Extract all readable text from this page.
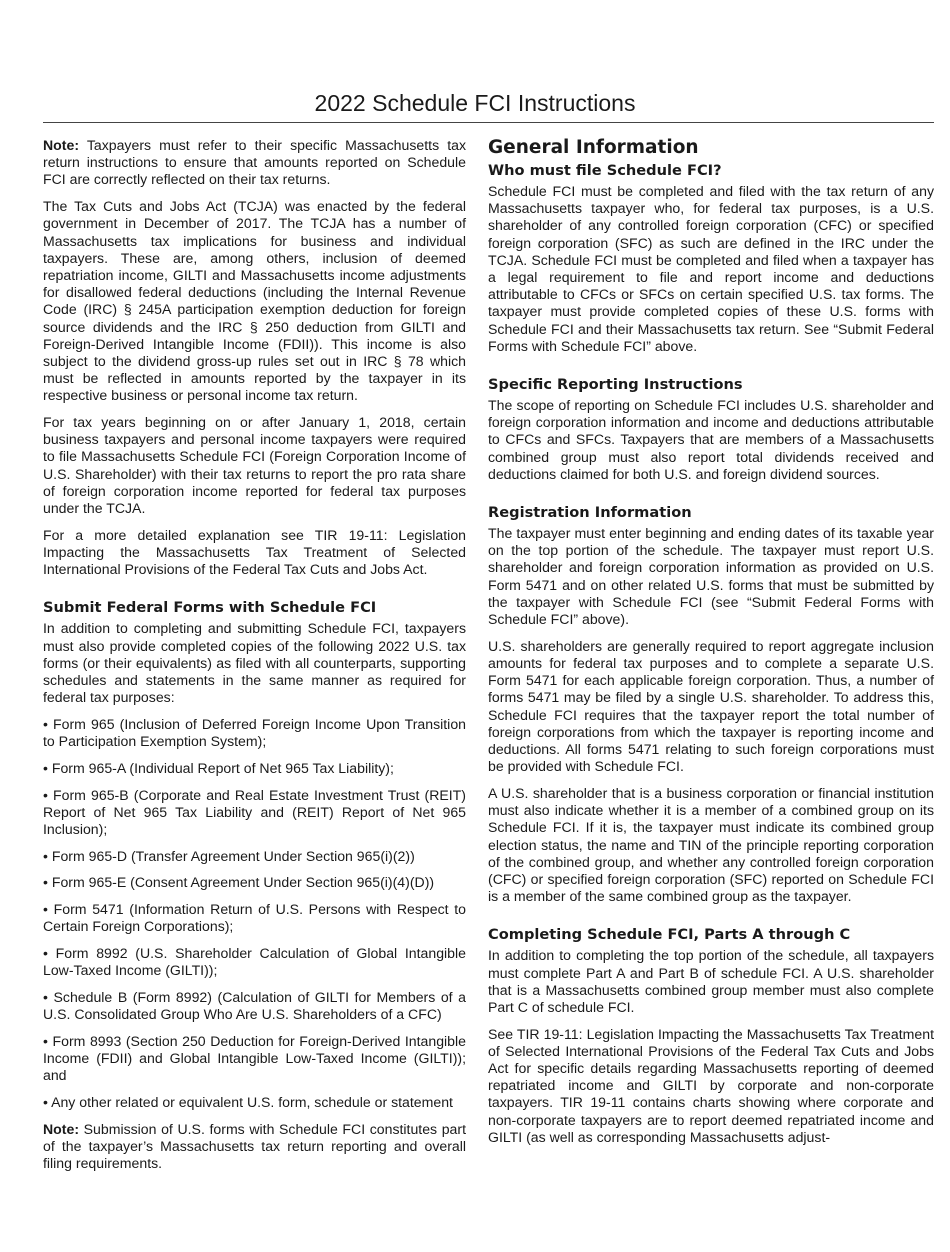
2022 Schedule FCI Instructions

Note: Taxpayers must refer to their specific Massachusetts tax return instructions to ensure that amounts reported on Schedule FCI are correctly reflected on their tax returns.

The Tax Cuts and Jobs Act (TCJA) was enacted by the federal government in December of 2017. The TCJA has a number of Massachusetts tax implications for business and individual taxpayers. These are, among others, inclusion of deemed repatriation income, GILTI and Massachusetts income adjustments for disallowed federal deductions (including the Internal Revenue Code (IRC) § 245A participation exemption deduction for foreign source dividends and the IRC § 250 deduction from GILTI and Foreign-Derived Intangible Income (FDII)). This income is also subject to the dividend gross-up rules set out in IRC § 78 which must be reflected in amounts reported by the taxpayer in its respective business or personal income tax return.

For tax years beginning on or after January 1, 2018, certain business taxpayers and personal income taxpayers were required to file Massachusetts Schedule FCI (Foreign Corporation Income of U.S. Shareholder) with their tax returns to report the pro rata share of foreign corporation income reported for federal tax purposes under the TCJA.

For a more detailed explanation see TIR 19-11: Legislation Impacting the Massachusetts Tax Treatment of Selected International Provisions of the Federal Tax Cuts and Jobs Act.

Submit Federal Forms with Schedule FCI

In addition to completing and submitting Schedule FCI, taxpayers must also provide completed copies of the following 2022 U.S. tax forms (or their equivalents) as filed with all counterparts, supporting schedules and statements in the same manner as required for federal tax purposes:

• Form 965 (Inclusion of Deferred Foreign Income Upon Transition to Participation Exemption System);

• Form 965-A (Individual Report of Net 965 Tax Liability);

• Form 965-B (Corporate and Real Estate Investment Trust (REIT) Report of Net 965 Tax Liability and (REIT) Report of Net 965 Inclusion);

• Form 965-D (Transfer Agreement Under Section 965(i)(2))

• Form 965-E (Consent Agreement Under Section 965(i)(4)(D))

• Form 5471 (Information Return of U.S. Persons with Respect to Certain Foreign Corporations);

• Form 8992 (U.S. Shareholder Calculation of Global Intangible Low-Taxed Income (GILTI));

• Schedule B (Form 8992) (Calculation of GILTI for Members of a U.S. Consolidated Group Who Are U.S. Shareholders of a CFC)

• Form 8993 (Section 250 Deduction for Foreign-Derived Intangible Income (FDII) and Global Intangible Low-Taxed Income (GILTI)); and

• Any other related or equivalent U.S. form, schedule or statement

Note: Submission of U.S. forms with Schedule FCI constitutes part of the taxpayer’s Massachusetts tax return reporting and overall filing requirements.

General Information
Who must file Schedule FCI?

Schedule FCI must be completed and filed with the tax return of any Massachusetts taxpayer who, for federal tax purposes, is a U.S. shareholder of any controlled foreign corporation (CFC) or specified foreign corporation (SFC) as such are defined in the IRC under the TCJA. Schedule FCI must be completed and filed when a taxpayer has a legal requirement to file and report income and deductions attributable to CFCs or SFCs on certain specified U.S. tax forms. The taxpayer must provide completed copies of these U.S. forms with Schedule FCI and their Massachusetts tax return. See “Submit Federal Forms with Schedule FCI” above.

Specific Reporting Instructions

The scope of reporting on Schedule FCI includes U.S. shareholder and foreign corporation information and income and deductions attributable to CFCs and SFCs. Taxpayers that are members of a Massachusetts combined group must also report total dividends received and deductions claimed for both U.S. and foreign dividend sources.

Registration Information

The taxpayer must enter beginning and ending dates of its taxable year on the top portion of the schedule. The taxpayer must report U.S. shareholder and foreign corporation information as provided on U.S. Form 5471 and on other related U.S. forms that must be submitted by the taxpayer with Schedule FCI (see “Submit Federal Forms with Schedule FCI” above).

U.S. shareholders are generally required to report aggregate inclusion amounts for federal tax purposes and to complete a separate U.S. Form 5471 for each applicable foreign corporation. Thus, a number of forms 5471 may be filed by a single U.S. shareholder. To address this, Schedule FCI requires that the taxpayer report the total number of foreign corporations from which the taxpayer is reporting income and deductions. All forms 5471 relating to such foreign corporations must be provided with Schedule FCI.

A U.S. shareholder that is a business corporation or financial institution must also indicate whether it is a member of a combined group on its Schedule FCI. If it is, the taxpayer must indicate its combined group election status, the name and TIN of the principle reporting corporation of the combined group, and whether any controlled foreign corporation (CFC) or specified foreign corporation (SFC) reported on Schedule FCI is a member of the same combined group as the taxpayer.

Completing Schedule FCI, Parts A through C

In addition to completing the top portion of the schedule, all taxpayers must complete Part A and Part B of schedule FCI. A U.S. shareholder that is a Massachusetts combined group member must also complete Part C of schedule FCI.

See TIR 19-11: Legislation Impacting the Massachusetts Tax Treatment of Selected International Provisions of the Federal Tax Cuts and Jobs Act for specific details regarding Massachusetts reporting of deemed repatriated income and GILTI by corporate and non-corporate taxpayers. TIR 19-11 contains charts showing where corporate and non-corporate taxpayers are to report deemed repatriated income and GILTI (as well as corresponding Massachusetts adjust-
